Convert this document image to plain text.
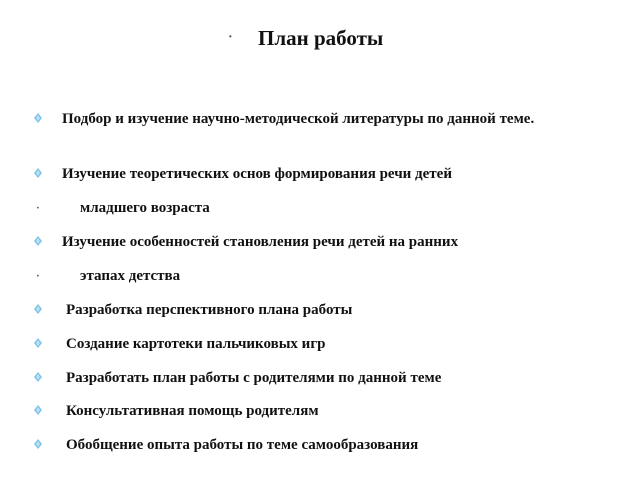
· План работы
Подбор и изучение научно-методической литературы по данной теме.
Изучение теоретических основ формирования речи детей
·	младшего возраста
Изучение особенностей становления речи детей на ранних
·	этапах детства
Разработка перспективного плана работы
Создание картотеки пальчиковых игр
Разработать план работы с родителями по данной теме
Консультативная помощь родителям
Обобщение опыта работы по теме самообразования
